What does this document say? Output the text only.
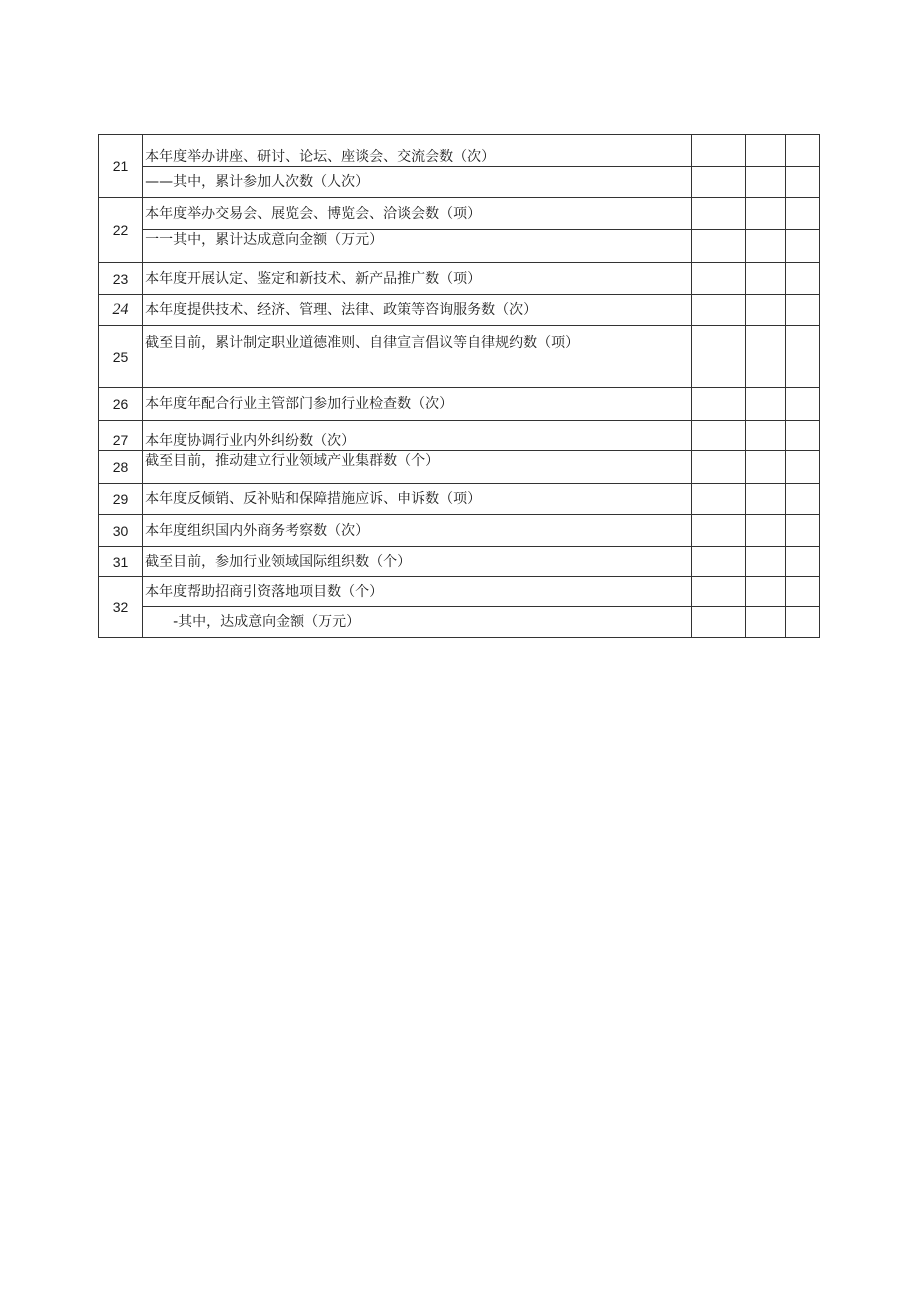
21	本年度举办讲座、研讨、论坛、座谈会、交流会数（次）			
	——其中，累计参加人次数（人次）			
22	本年度举办交易会、展览会、博览会、洽谈会数（项）			
	一一其中，累计达成意向金额（万元）			
23	本年度开展认定、鉴定和新技术、新产品推广数（项）			
24	本年度提供技术、经济、管理、法律、政策等咨询服务数（次）			
25	截至目前，累计制定职业道德准则、自律宣言倡议等自律规约数（项）			
26	本年度年配合行业主管部门参加行业检查数（次）			
27	本年度协调行业内外纠纷数（次）			
28	截至目前，推动建立行业领域产业集群数（个）			
29	本年度反倾销、反补贴和保障措施应诉、申诉数（项）			
30	本年度组织国内外商务考察数（次）			
31	截至目前，参加行业领域国际组织数（个）			
32	本年度帮助招商引资落地项目数（个）			
	-其中，达成意向金额（万元）			
